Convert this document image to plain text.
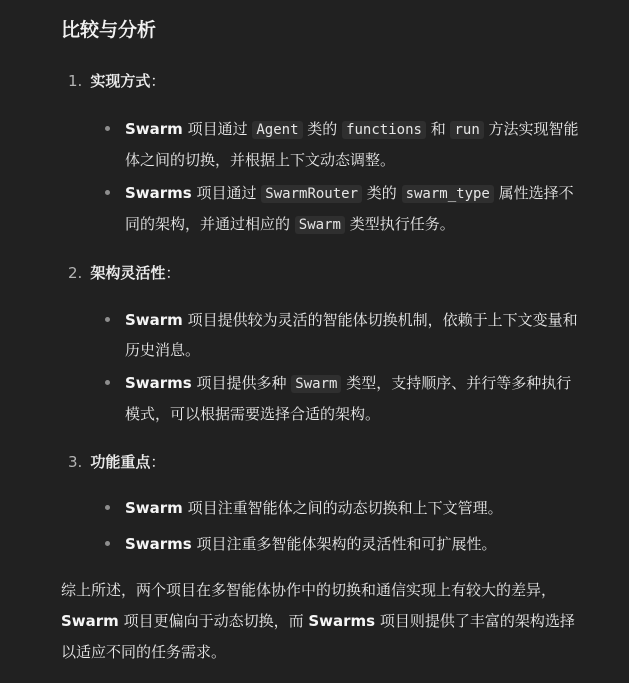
比较与分析
1. 实现方式 ：
Swarm 项目通过 Agent 类的 functions 和 run 方法实现智能体之间的切换，并根据上下文动态调整。
Swarms 项目通过 SwarmRouter 类的 swarm_type 属性选择不同的架构，并通过相应的 Swarm 类型执行任务。
2. 架构灵活性 ：
Swarm 项目提供较为灵活的智能体切换机制，依赖于上下文变量和历史消息。
Swarms 项目提供多种 Swarm 类型，支持顺序、并行等多种执行模式，可以根据需要选择合适的架构。
3. 功能重点 ：
Swarm 项目注重智能体之间的动态切换和上下文管理。
Swarms 项目注重多智能体架构的灵活性和可扩展性。

综上所述，两个项目在多智能体协作中的切换和通信实现上有较大的差异，Swarm 项目更偏向于动态切换，而 Swarms 项目则提供了丰富的架构选择以适应不同的任务需求。
